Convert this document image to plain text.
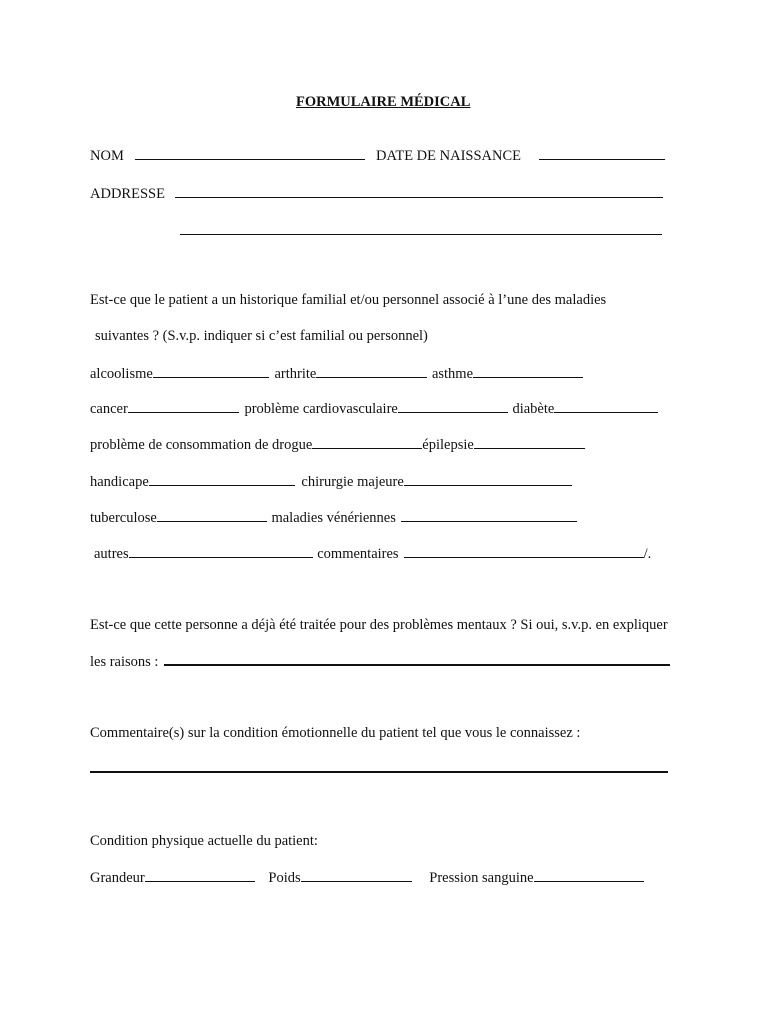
FORMULAIRE MÉDICAL
NOM	DATE DE NAISSANCE
ADDRESSE
Est-ce que le patient a un historique familial et/ou personnel associé à l’une des maladies
suivantes ? (S.v.p. indiquer si c’est familial ou personnel)
alcoolisme	arthrite	asthme
cancer	problème cardiovasculaire	diabète
problème de consommation de drogue	épilepsie
handicape	chirurgie majeure
tuberculose	maladies vénériennes
autres	commentaires	/.
Est-ce que cette personne a déjà été traitée pour des problèmes mentaux ? Si oui, s.v.p. en expliquer
les raisons :
Commentaire(s) sur la condition émotionnelle du patient tel que vous le connaissez :
Condition physique actuelle du patient:
Grandeur	Poids	Pression sanguine
